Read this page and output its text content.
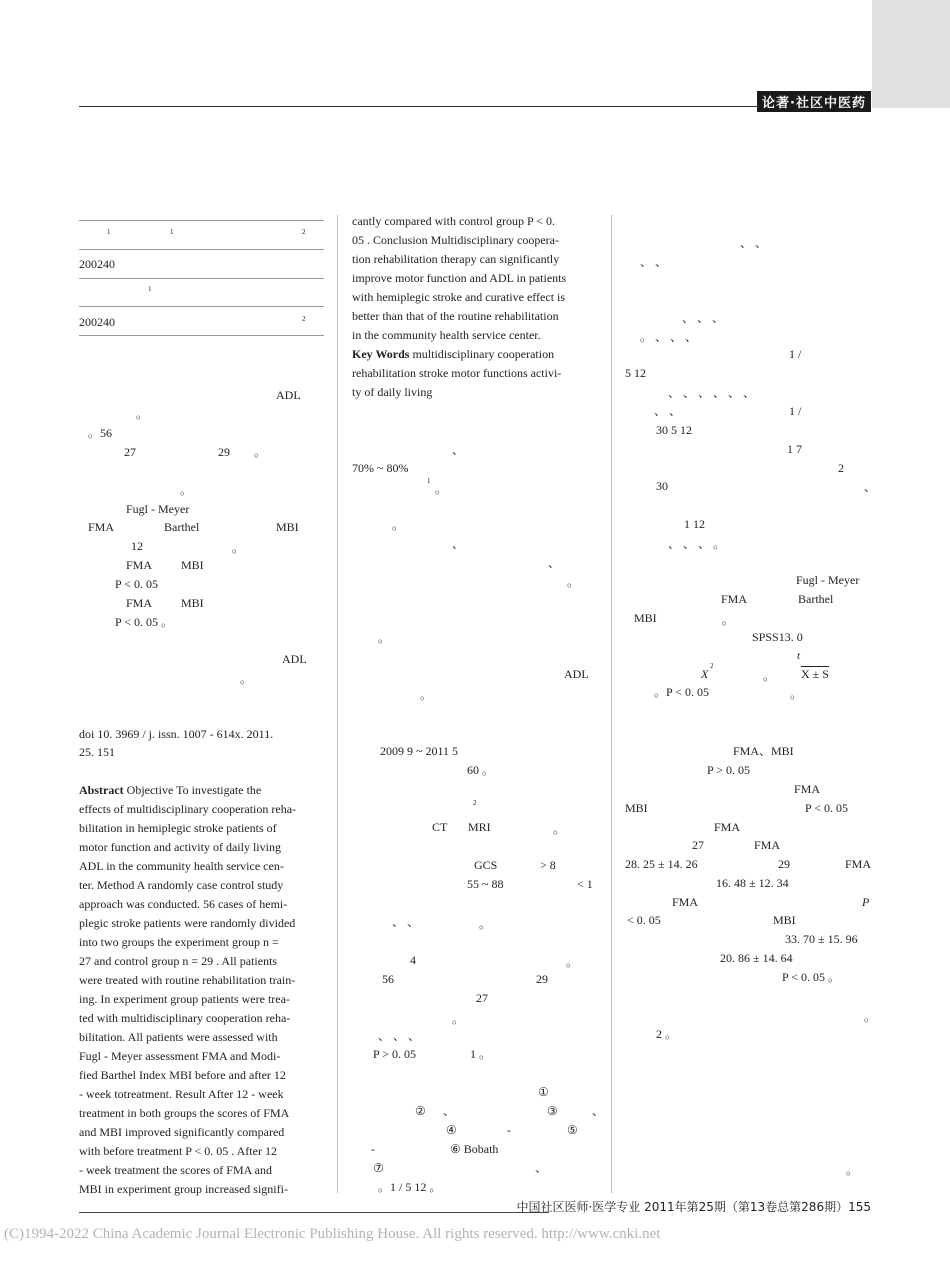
论著·社区中医药
1	1	2
200240
1
200240	2
ADL
。
。56
27	29 。
。
Fugl - Meyer
FMA	Barthel	MBI
12	。
FMA MBI
P < 0. 05
FMA MBI
P < 0. 05 。
ADL
。
doi 10. 3969 / j. issn. 1007 - 614x. 2011.
25. 151
Abstract Objective To investigate the
effects of multidisciplinary cooperation reha-
bilitation in hemiplegic stroke patients of
motor function and activity of daily living
ADL in the community health service cen-
ter. Method A randomly case control study
approach was conducted. 56 cases of hemi-
plegic stroke patients were randomly divided
into two groups the experiment group n =
27 and control group n = 29 . All patients
were treated with routine rehabilitation train-
ing. In experiment group patients were trea-
ted with multidisciplinary cooperation reha-
bilitation. All patients were assessed with
Fugl - Meyer assessment FMA and Modi-
fied Barthel Index MBI before and after 12
- week totreatment. Result After 12 - week
treatment in both groups the scores of FMA
and MBI improved significantly compared
with before treatment P < 0. 05 . After 12
- week treatment the scores of FMA and
MBI in experiment group increased signifi-
cantly compared with control group P < 0.
05 . Conclusion Multidisciplinary coopera-
tion rehabilitation therapy can significantly
improve motor function and ADL in patients
with hemiplegic stroke and curative effect is
better than that of the routine rehabilitation
in the community health service center.
Key Words multidisciplinary cooperation
rehabilitation stroke motor functions activi-
ty of daily living
、
70% ~ 80%
1
。
。
、
、
。
。
ADL
。
2009 9 ~ 2011 5
60 。
2
CT MRI	。
GCS	> 8
55 ~ 88	< 1
、 、	。
4	。
56	29
27
。
、 、 、
P > 0. 05	1 。
①
② 、	③	、
④	-	⑤
-	⑥ Bobath
⑦	、
。1 / 5 12 。
、 、
、 、
、 、 、
。 、 、 、
1 /
5 12
、 、 、 、 、 、
、 、	1 /
30 5 12
1 7
2
30	、
1 12
、 、 、 。
Fugl - Meyer
FMA	Barthel
MBI	。
SPSS13. 0
t
X
2
。 X ± S
。P < 0. 05	。
FMA、MBI
P > 0. 05
FMA
MBI	P < 0. 05
FMA
27	FMA
28. 25 ± 14. 26	29	FMA
16. 48 ± 12. 34
FMA	P
< 0. 05	MBI
33. 70 ± 15. 96
20. 86 ± 14. 64
P < 0. 05 。
。
2 。
。
中国社区医师·医学专业 2011年第25期（第13卷总第286期）155
(C)1994-2022 China Academic Journal Electronic Publishing House. All rights reserved. http://www.cnki.net
